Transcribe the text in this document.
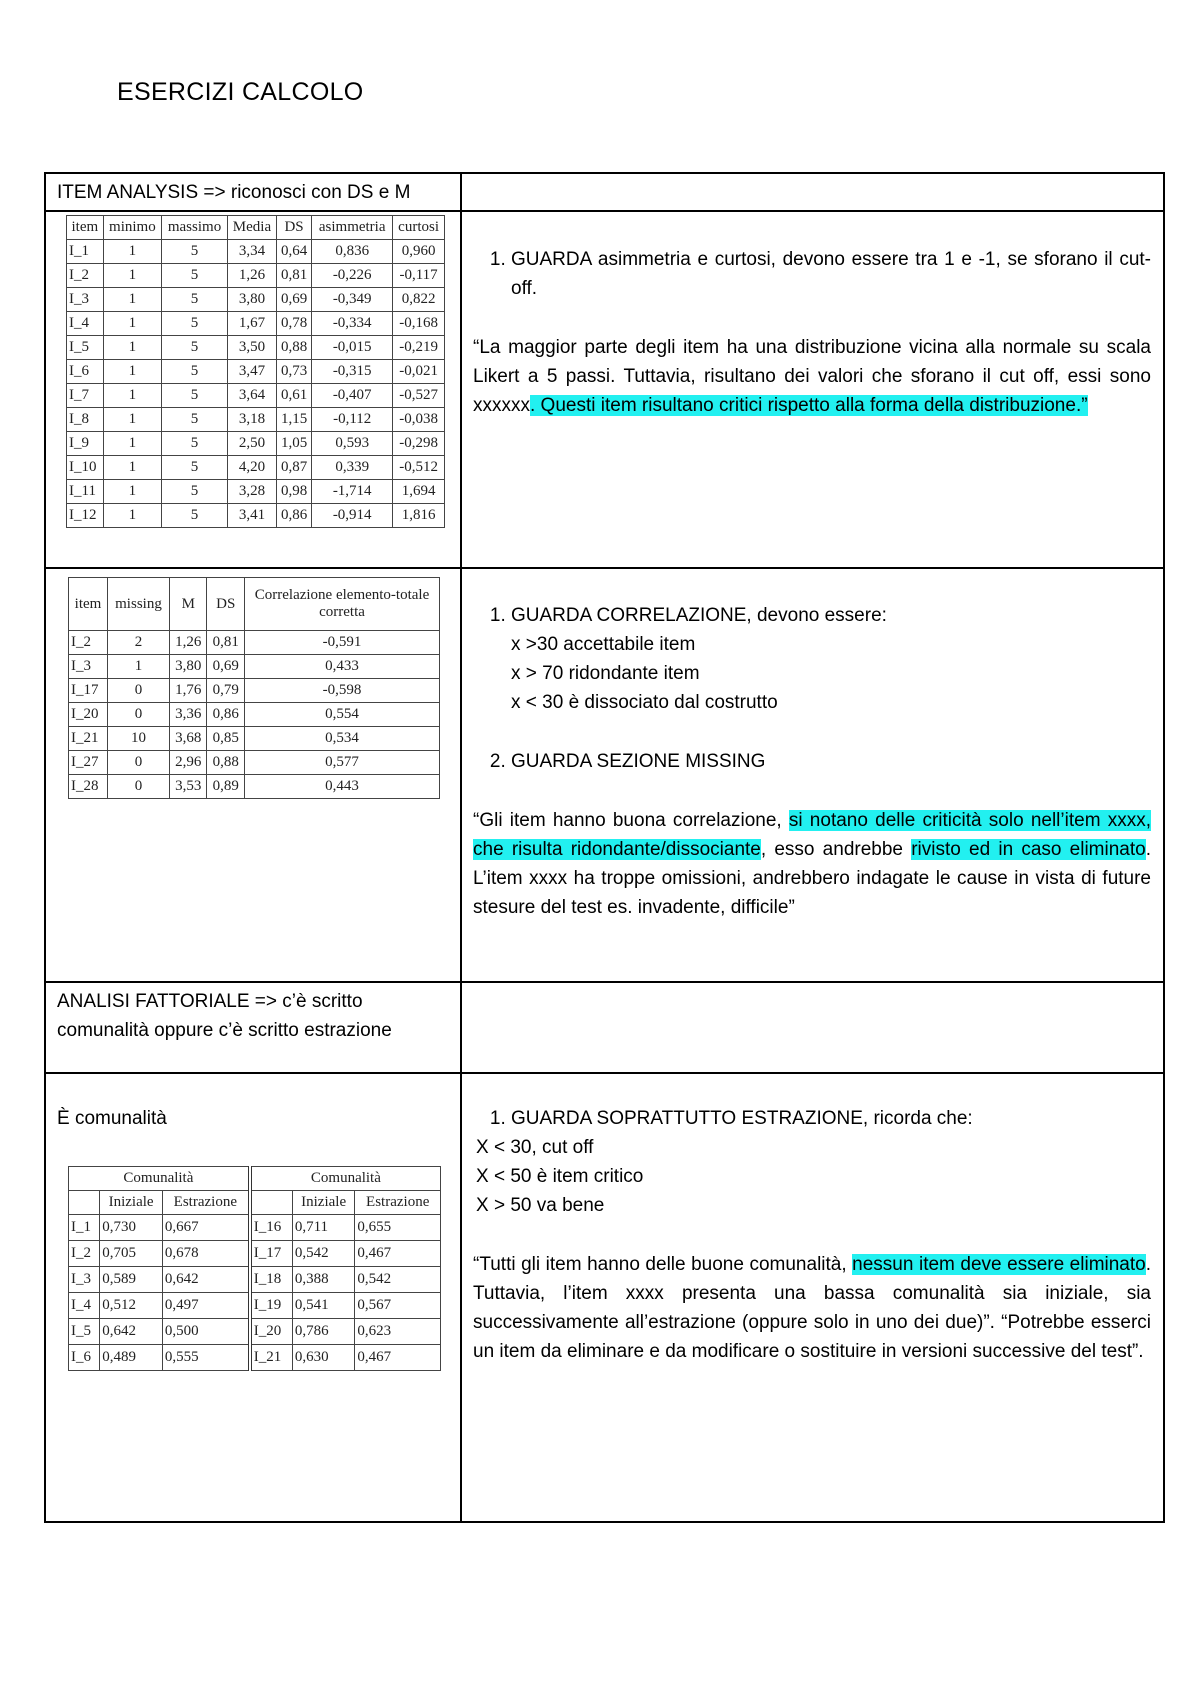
ESERCIZI CALCOLO
ITEM ANALYSIS => riconosci con DS e M	

item	minimo	massimo	Media	DS	asimmetria	curtosi
I_1	1	5	3,34	0,64	0,836	0,960
I_2	1	5	1,26	0,81	-0,226	-0,117
I_3	1	5	3,80	0,69	-0,349	0,822
I_4	1	5	1,67	0,78	-0,334	-0,168
I_5	1	5	3,50	0,88	-0,015	-0,219
I_6	1	5	3,47	0,73	-0,315	-0,021
I_7	1	5	3,64	0,61	-0,407	-0,527
I_8	1	5	3,18	1,15	-0,112	-0,038
I_9	1	5	2,50	1,05	0,593	-0,298
I_10	1	5	4,20	0,87	0,339	-0,512
I_11	1	5	3,28	0,98	-1,714	1,694
I_12	1	5	3,41	0,86	-0,914	1,816

1. GUARDA asimmetria e curtosi, devono essere tra 1 e -1, se sforano il cut-off.
“La maggior parte degli item ha una distribuzione vicina alla normale su scala Likert a 5 passi. Tuttavia, risultano dei valori che sforano il cut off, essi sono xxxxxx. Questi item risultano critici rispetto alla forma della distribuzione.”

item	missing	M	DS	Correlazione elemento-totale corretta
I_2	2	1,26	0,81	-0,591
I_3	1	3,80	0,69	0,433
I_17	0	1,76	0,79	-0,598
I_20	0	3,36	0,86	0,554
I_21	10	3,68	0,85	0,534
I_27	0	2,96	0,88	0,577
I_28	0	3,53	0,89	0,443

1. GUARDA CORRELAZIONE, devono essere:
x >30 accettabile item
x > 70 ridondante item
x < 30 è dissociato dal costrutto
2. GUARDA SEZIONE MISSING
“Gli item hanno buona correlazione, si notano delle criticità solo nell’item xxxx, che risulta ridondante/dissociante, esso andrebbe rivisto ed in caso eliminato. L’item xxxx ha troppe omissioni, andrebbero indagate le cause in vista di future stesure del test es. invadente, difficile”

ANALISI FATTORIALE => c’è scritto comunalità oppure c’è scritto estrazione	

È comunalità
Comunalità	Comunalità
	Iniziale	Estrazione		Iniziale	Estrazione
I_1	0,730	0,667	I_16	0,711	0,655
I_2	0,705	0,678	I_17	0,542	0,467
I_3	0,589	0,642	I_18	0,388	0,542
I_4	0,512	0,497	I_19	0,541	0,567
I_5	0,642	0,500	I_20	0,786	0,623
I_6	0,489	0,555	I_21	0,630	0,467

1. GUARDA SOPRATTUTTO ESTRAZIONE, ricorda che:
X < 30, cut off
X < 50 è item critico
X > 50 va bene
“Tutti gli item hanno delle buone comunalità, nessun item deve essere eliminato. Tuttavia, l’item xxxx presenta una bassa comunalità sia iniziale, sia successivamente all’estrazione (oppure solo in uno dei due)”. “Potrebbe esserci un item da eliminare e da modificare o sostituire in versioni successive del test”.
